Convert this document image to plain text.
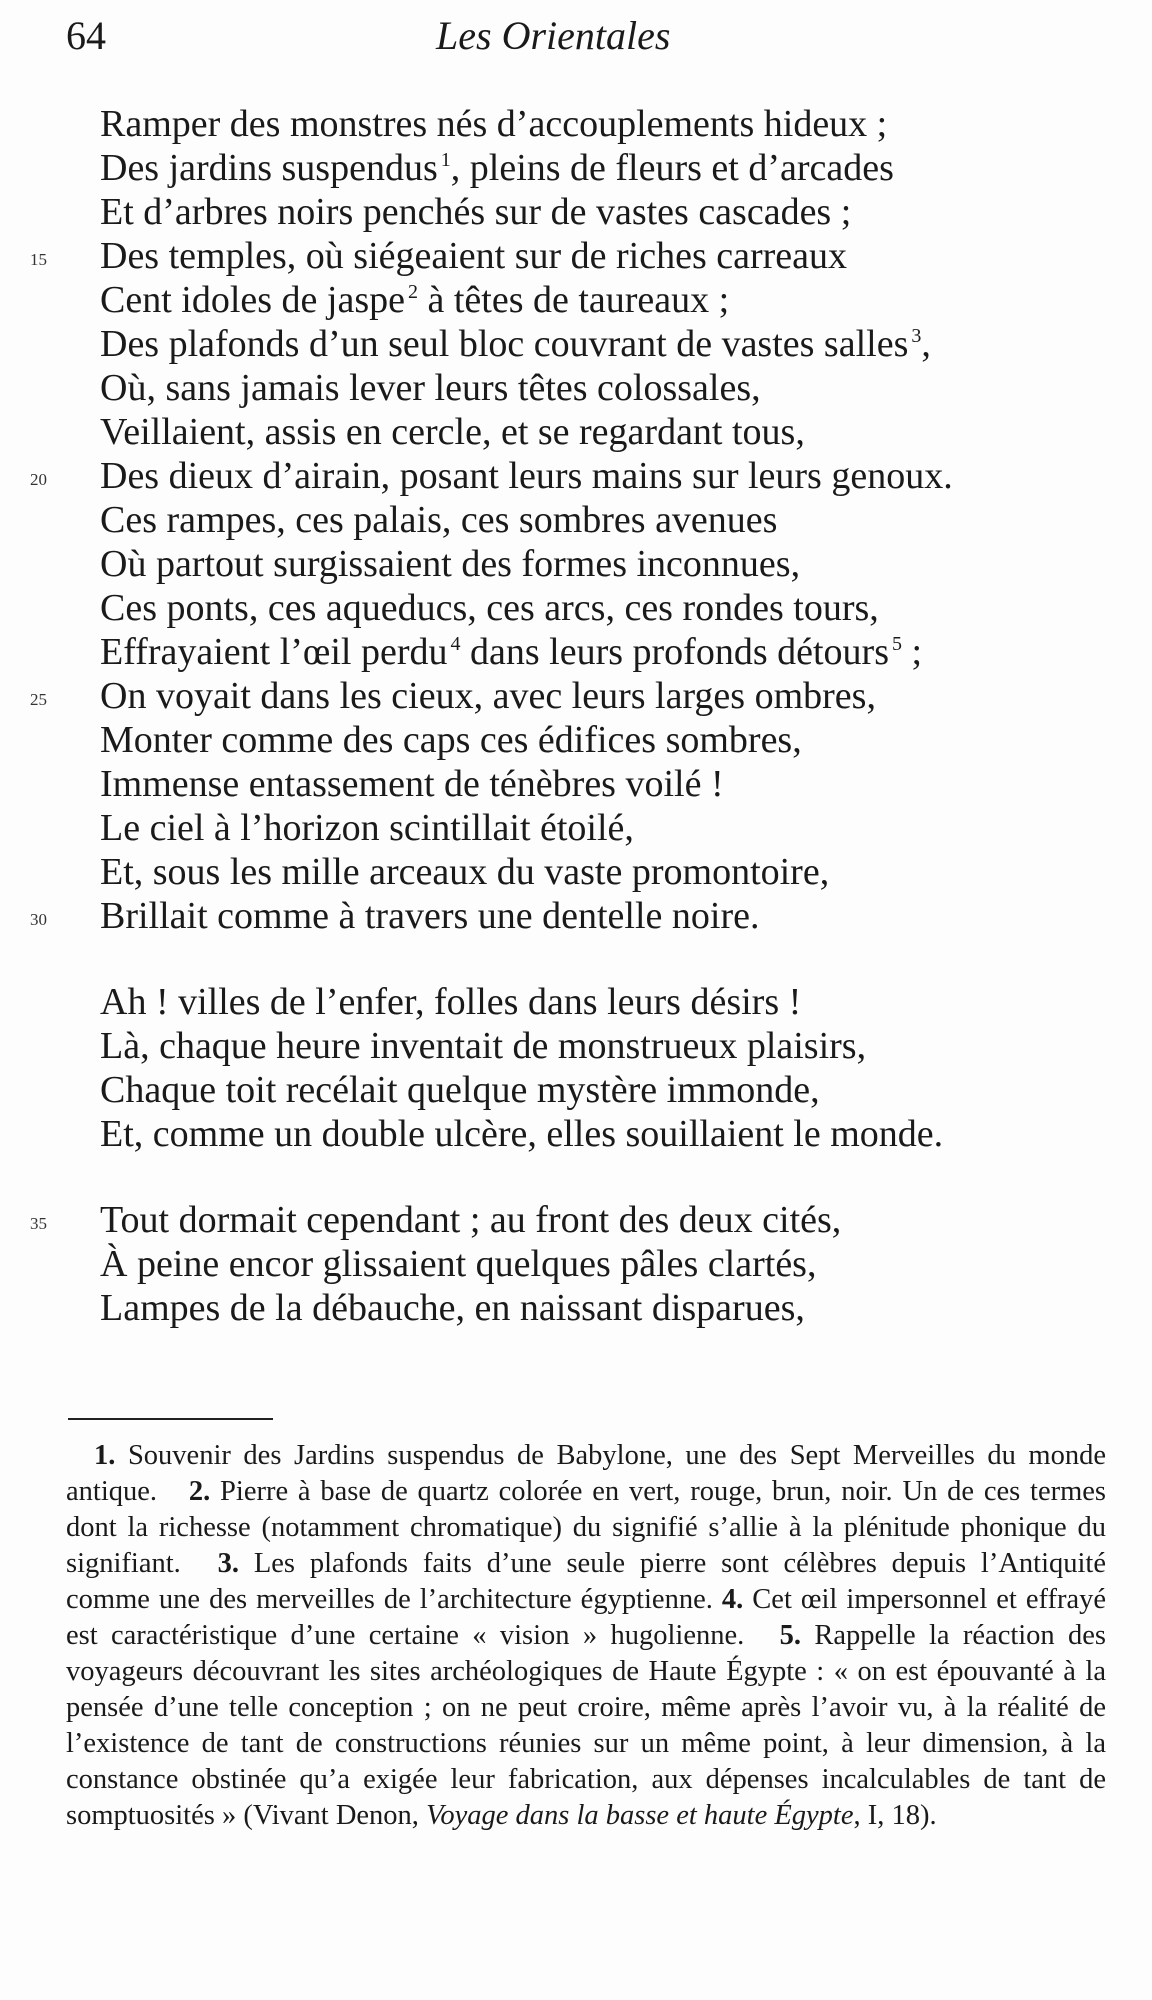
64	Les Orientales
Ramper des monstres nés d’accouplements hideux ;
Des jardins suspendus $^1$, pleins de fleurs et d’arcades
Et d’arbres noirs penchés sur de vastes cascades ;
15	Des temples, où siégeaient sur de riches carreaux
Cent idoles de jaspe $^2$ à têtes de taureaux ;
Des plafonds d’un seul bloc couvrant de vastes salles $^3$,
Où, sans jamais lever leurs têtes colossales,
Veillaient, assis en cercle, et se regardant tous,
20	Des dieux d’airain, posant leurs mains sur leurs genoux.
Ces rampes, ces palais, ces sombres avenues
Où partout surgissaient des formes inconnues,
Ces ponts, ces aqueducs, ces arcs, ces rondes tours,
Effrayaient l’œil perdu $^4$ dans leurs profonds détours $^5$ ;
25	On voyait dans les cieux, avec leurs larges ombres,
Monter comme des caps ces édifices sombres,
Immense entassement de ténèbres voilé !
Le ciel à l’horizon scintillait étoilé,
Et, sous les mille arceaux du vaste promontoire,
30	Brillait comme à travers une dentelle noire.
Ah ! villes de l’enfer, folles dans leurs désirs !
Là, chaque heure inventait de monstrueux plaisirs,
Chaque toit recélait quelque mystère immonde,
Et, comme un double ulcère, elles souillaient le monde.
35	Tout dormait cependant ; au front des deux cités,
À peine encor glissaient quelques pâles clartés,
Lampes de la débauche, en naissant disparues,

1. Souvenir des Jardins suspendus de Babylone, une des Sept Merveilles du monde antique. 2. Pierre à base de quartz colorée en vert, rouge, brun, noir. Un de ces termes dont la richesse (notamment chromatique) du signifié s’allie à la plénitude phonique du signifiant. 3. Les plafonds faits d’une seule pierre sont célèbres depuis l’Antiquité comme une des merveilles de l’architecture égyptienne. 4. Cet œil impersonnel et effrayé est caractéristique d’une certaine « vision » hugolienne. 5. Rappelle la réaction des voyageurs découvrant les sites archéologiques de Haute Égypte : « on est épouvanté à la pensée d’une telle conception ; on ne peut croire, même après l’avoir vu, à la réalité de l’existence de tant de constructions réunies sur un même point, à leur dimension, à la constance obstinée qu’a exigée leur fabrication, aux dépenses incalculables de tant de somptuosités » (Vivant Denon, Voyage dans la basse et haute Égypte, I, 18).
